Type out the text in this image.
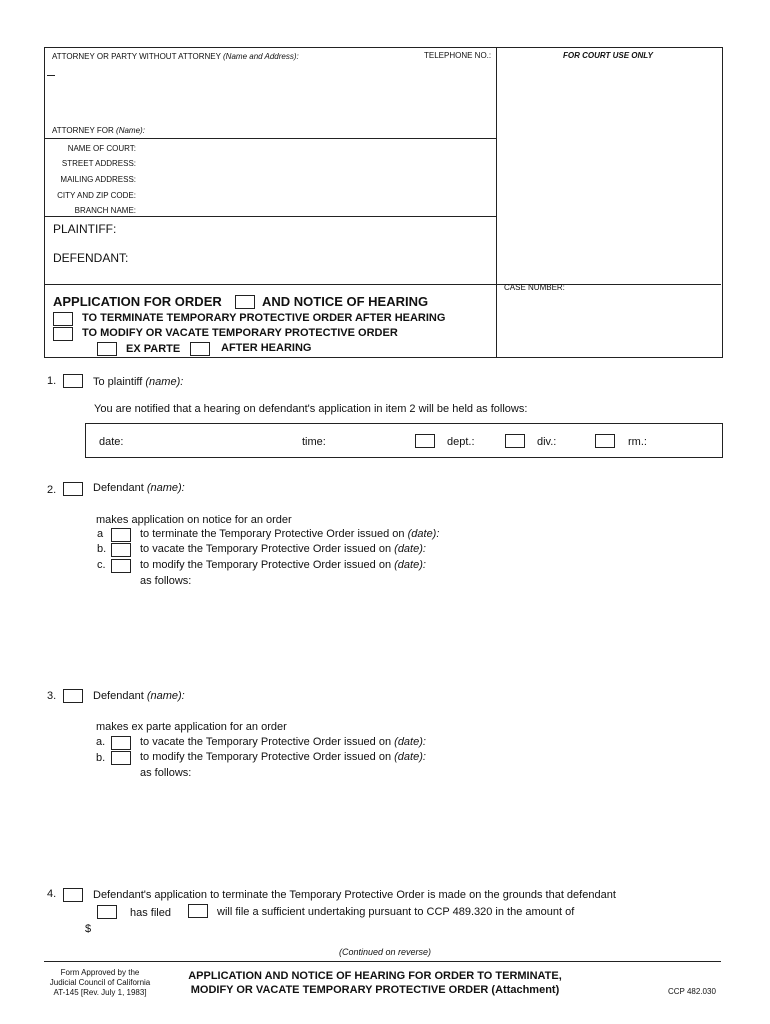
ATTORNEY OR PARTY WITHOUT ATTORNEY (Name and Address):	TELEPHONE NO.:	FOR COURT USE ONLY
ATTORNEY FOR (Name):
NAME OF COURT:
STREET ADDRESS:
MAILING ADDRESS:
CITY AND ZIP CODE:
BRANCH NAME:
PLAINTIFF:
DEFENDANT:
CASE NUMBER:
APPLICATION FOR ORDER	AND NOTICE OF HEARING
TO TERMINATE TEMPORARY PROTECTIVE ORDER AFTER HEARING
TO MODIFY OR VACATE TEMPORARY PROTECTIVE ORDER
EX PARTE	AFTER HEARING
1.	To plaintiff (name):
You are notified that a hearing on defendant's application in item 2 will be held as follows:
date:	time:	dept.:	div.:	rm.:
2.	Defendant (name):
makes application on notice for an order
a	to terminate the Temporary Protective Order issued on (date):
b.	to vacate the Temporary Protective Order issued on (date):
c.	to modify the Temporary Protective Order issued on (date):
as follows:
3.	Defendant (name):
makes ex parte application for an order
a.	to vacate the Temporary Protective Order issued on (date):
b.	to modify the Temporary Protective Order issued on (date):
as follows:
4.	Defendant's application to terminate the Temporary Protective Order is made on the grounds that defendant
has filed	will file a sufficient undertaking pursuant to CCP 489.320 in the amount of
$
(Continued on reverse)
Form Approved by the
Judicial Council of California
AT-145 [Rev. July 1, 1983]
APPLICATION AND NOTICE OF HEARING FOR ORDER TO TERMINATE,
MODIFY OR VACATE TEMPORARY PROTECTIVE ORDER (Attachment)	CCP 482.030
